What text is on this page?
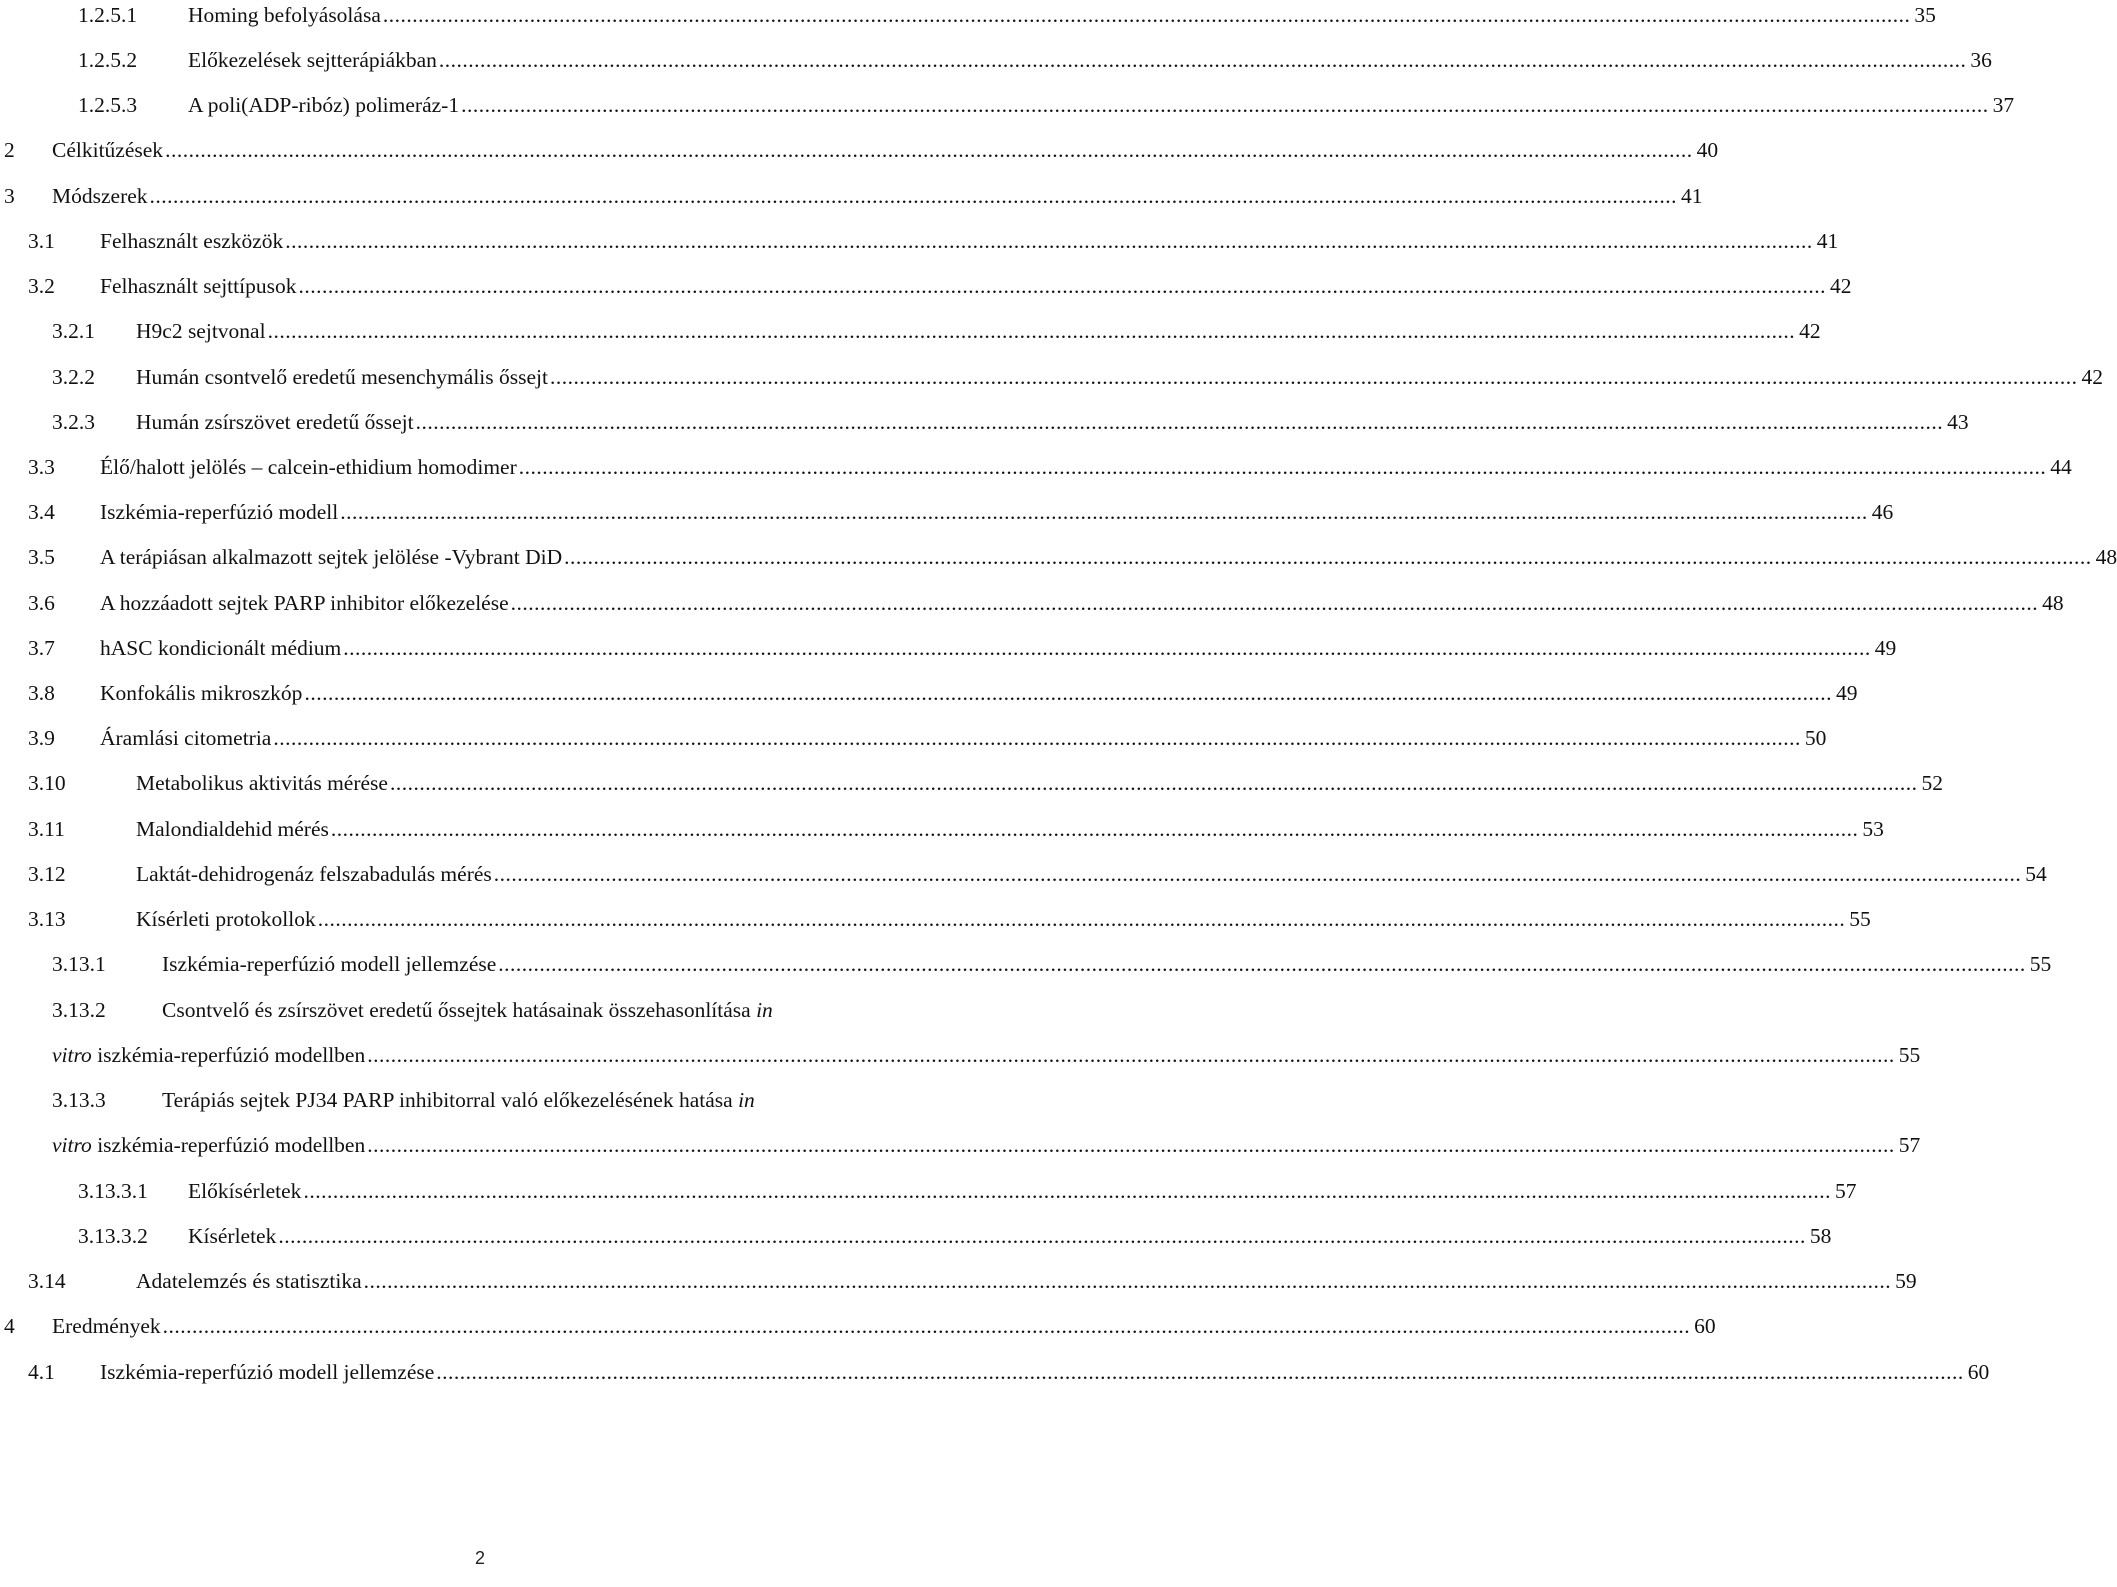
1.2.5.1 Homing befolyásolása .................................................................................................................................................................................................................................................................... 35
1.2.5.2 Előkezelések sejtterápiákban .................................................................................................................................................................................................................................................................... 36
1.2.5.3 A poli(ADP-ribóz) polimeráz-1 .................................................................................................................................................................................................................................................................... 37
2 Célkitűzések .................................................................................................................................................................................................................................................................... 40
3 Módszerek .................................................................................................................................................................................................................................................................... 41
3.1 Felhasznált eszközök .................................................................................................................................................................................................................................................................... 41
3.2 Felhasznált sejttípusok .................................................................................................................................................................................................................................................................... 42
3.2.1 H9c2 sejtvonal .................................................................................................................................................................................................................................................................... 42
3.2.2 Humán csontvelő eredetű mesenchymális őssejt .................................................................................................................................................................................................................................................................... 42
3.2.3 Humán zsírszövet eredetű őssejt .................................................................................................................................................................................................................................................................... 43
3.3 Élő/halott jelölés – calcein-ethidium homodimer .................................................................................................................................................................................................................................................................... 44
3.4 Iszkémia-reperfúzió modell .................................................................................................................................................................................................................................................................... 46
3.5 A terápiásan alkalmazott sejtek jelölése -Vybrant DiD .................................................................................................................................................................................................................................................................... 48
3.6 A hozzáadott sejtek PARP inhibitor előkezelése .................................................................................................................................................................................................................................................................... 48
3.7 hASC kondicionált médium .................................................................................................................................................................................................................................................................... 49
3.8 Konfokális mikroszkóp .................................................................................................................................................................................................................................................................... 49
3.9 Áramlási citometria .................................................................................................................................................................................................................................................................... 50
3.10	Metabolikus aktivitás mérése .................................................................................................................................................................................................................................................................... 52
3.11	Malondialdehid mérés .................................................................................................................................................................................................................................................................... 53
3.12	Laktát-dehidrogenáz felszabadulás mérés .................................................................................................................................................................................................................................................................... 54
3.13	Kísérleti protokollok .................................................................................................................................................................................................................................................................... 55
3.13.1	Iszkémia-reperfúzió modell jellemzése .................................................................................................................................................................................................................................................................... 55
3.13.2	Csontvelő és zsírszövet eredetű őssejtek hatásainak összehasonlítása in
vitro iszkémia-reperfúzió modellben .................................................................................................................................................................................................................................................................... 55
3.13.3	Terápiás sejtek PJ34 PARP inhibitorral való előkezelésének hatása in
vitro iszkémia-reperfúzió modellben .................................................................................................................................................................................................................................................................... 57
3.13.3.1 Előkísérletek .................................................................................................................................................................................................................................................................... 57
3.13.3.2 Kísérletek .................................................................................................................................................................................................................................................................... 58
3.14	Adatelemzés és statisztika .................................................................................................................................................................................................................................................................... 59
4 Eredmények .................................................................................................................................................................................................................................................................... 60
4.1 Iszkémia-reperfúzió modell jellemzése .................................................................................................................................................................................................................................................................... 60
2
